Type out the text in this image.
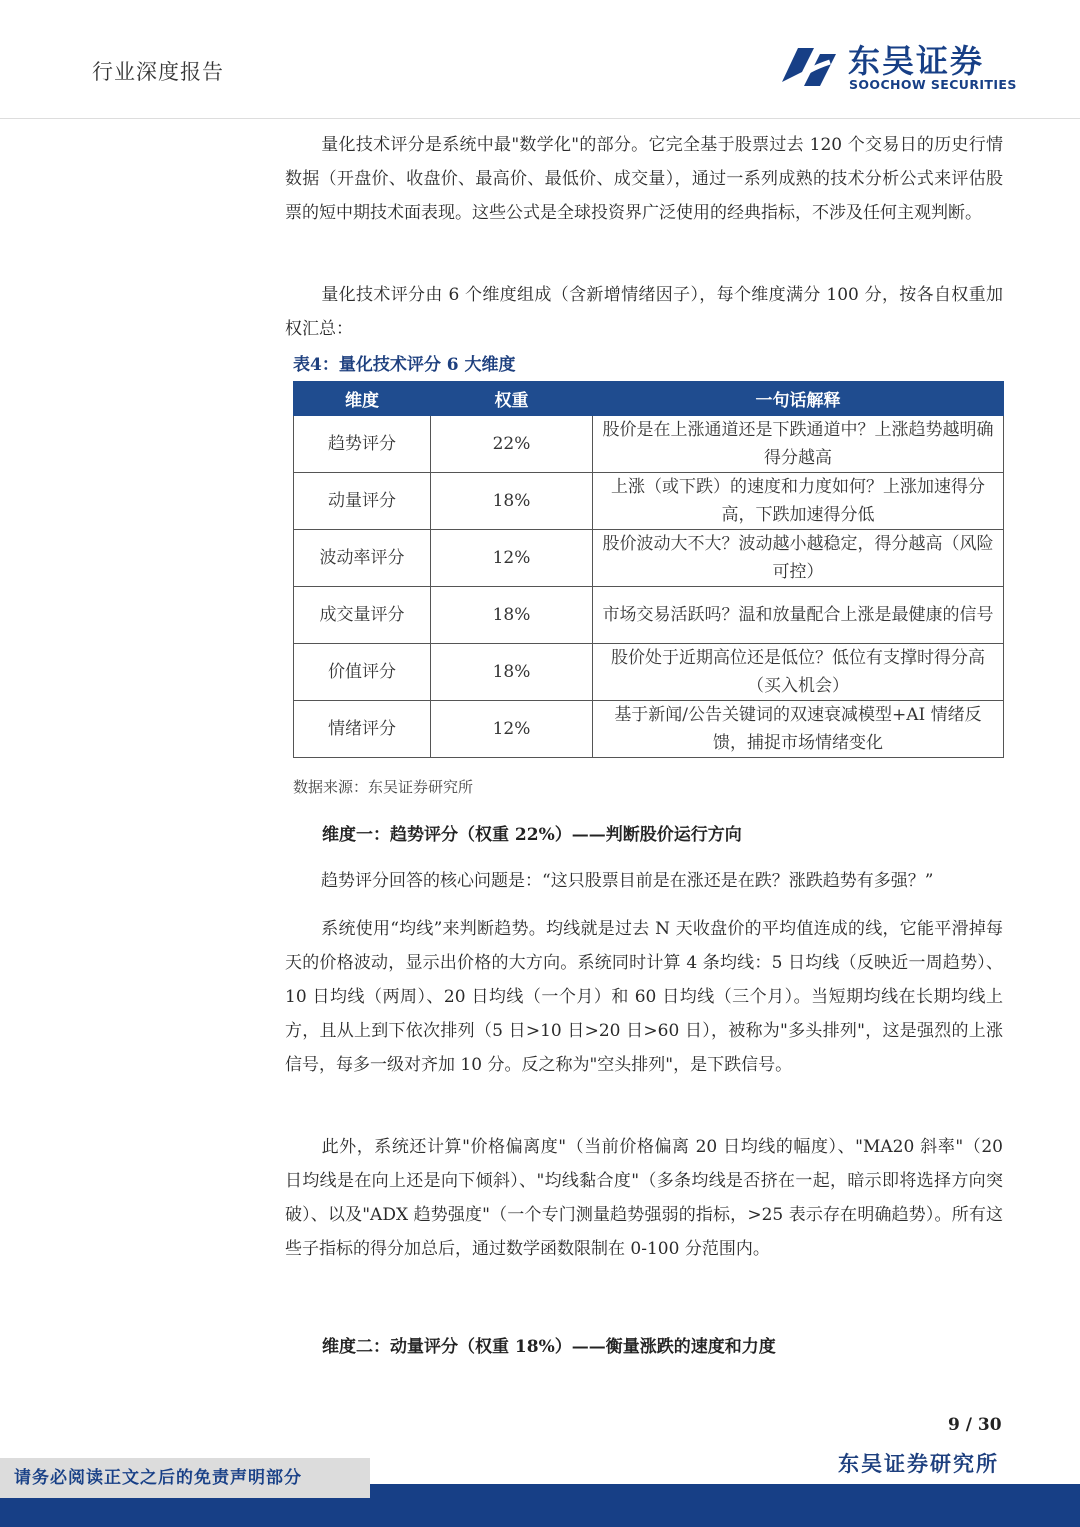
行业深度报告	东吴证券
SOOCHOW SECURITIES
量化技术评分是系统中最"数学化"的部分。它完全基于股票过去 120 个交易日的历史行情数据（开盘价、收盘价、最高价、最低价、成交量），通过一系列成熟的技术分析公式来评估股票的短中期技术面表现。这些公式是全球投资界广泛使用的经典指标，不涉及任何主观判断。
量化技术评分由 6 个维度组成（含新增情绪因子），每个维度满分 100 分，按各自权重加权汇总：
表4：量化技术评分 6 大维度
维度	权重	一句话解释
趋势评分	22%	股价是在上涨通道还是下跌通道中？上涨趋势越明确得分越高
动量评分	18%	上涨（或下跌）的速度和力度如何？上涨加速得分高，下跌加速得分低
波动率评分	12%	股价波动大不大？波动越小越稳定，得分越高（风险可控）
成交量评分	18%	市场交易活跃吗？温和放量配合上涨是最健康的信号
价值评分	18%	股价处于近期高位还是低位？低位有支撑时得分高（买入机会）
情绪评分	12%	基于新闻/公告关键词的双速衰减模型+AI 情绪反馈，捕捉市场情绪变化
数据来源：东吴证券研究所
维度一：趋势评分（权重 22%）——判断股价运行方向
趋势评分回答的核心问题是：“这只股票目前是在涨还是在跌？涨跌趋势有多强？”
系统使用“均线”来判断趋势。均线就是过去 N 天收盘价的平均值连成的线，它能平滑掉每天的价格波动，显示出价格的大方向。系统同时计算 4 条均线：5 日均线（反映近一周趋势）、10 日均线（两周）、20 日均线（一个月）和 60 日均线（三个月）。当短期均线在长期均线上方，且从上到下依次排列（5 日>10 日>20 日>60 日），被称为"多头排列"，这是强烈的上涨信号，每多一级对齐加 10 分。反之称为"空头排列"，是下跌信号。
此外，系统还计算"价格偏离度"（当前价格偏离 20 日均线的幅度）、"MA20 斜率"（20 日均线是在向上还是向下倾斜）、"均线黏合度"（多条均线是否挤在一起，暗示即将选择方向突破）、以及"ADX 趋势强度"（一个专门测量趋势强弱的指标，>25 表示存在明确趋势）。所有这些子指标的得分加总后，通过数学函数限制在 0-100 分范围内。
维度二：动量评分（权重 18%）——衡量涨跌的速度和力度
9 / 30
东吴证券研究所
请务必阅读正文之后的免责声明部分
